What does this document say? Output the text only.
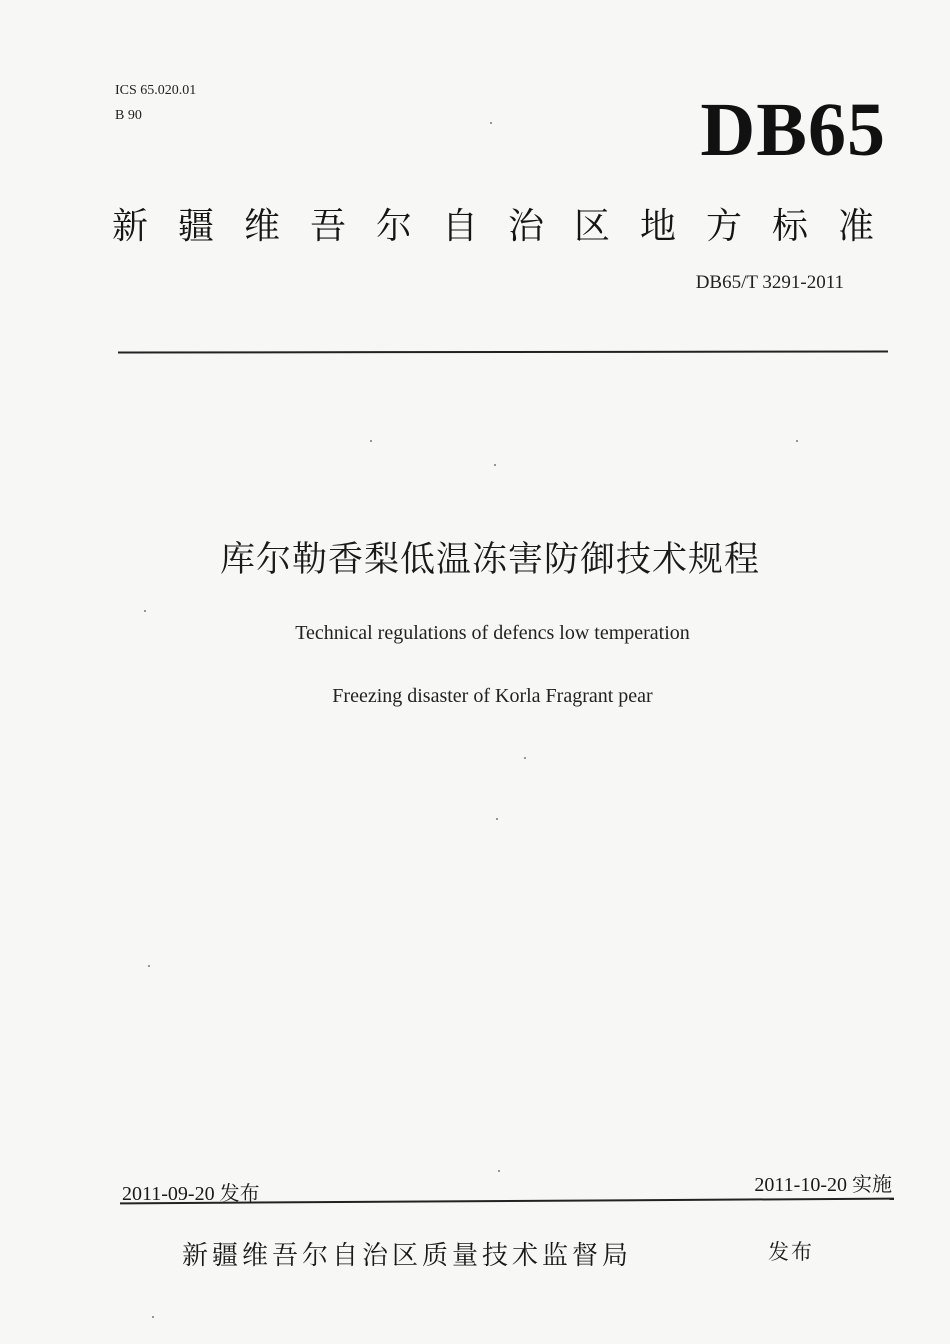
ICS 65.020.01
B 90	DB65
新疆维吾尔自治区地方标准
DB65/T 3291-2011
库尔勒香梨低温冻害防御技术规程
Technical regulations of defencs low temperation
Freezing disaster of Korla Fragrant pear
2011-09-20 发布	2011-10-20 实施
新疆维吾尔自治区质量技术监督局	发布
